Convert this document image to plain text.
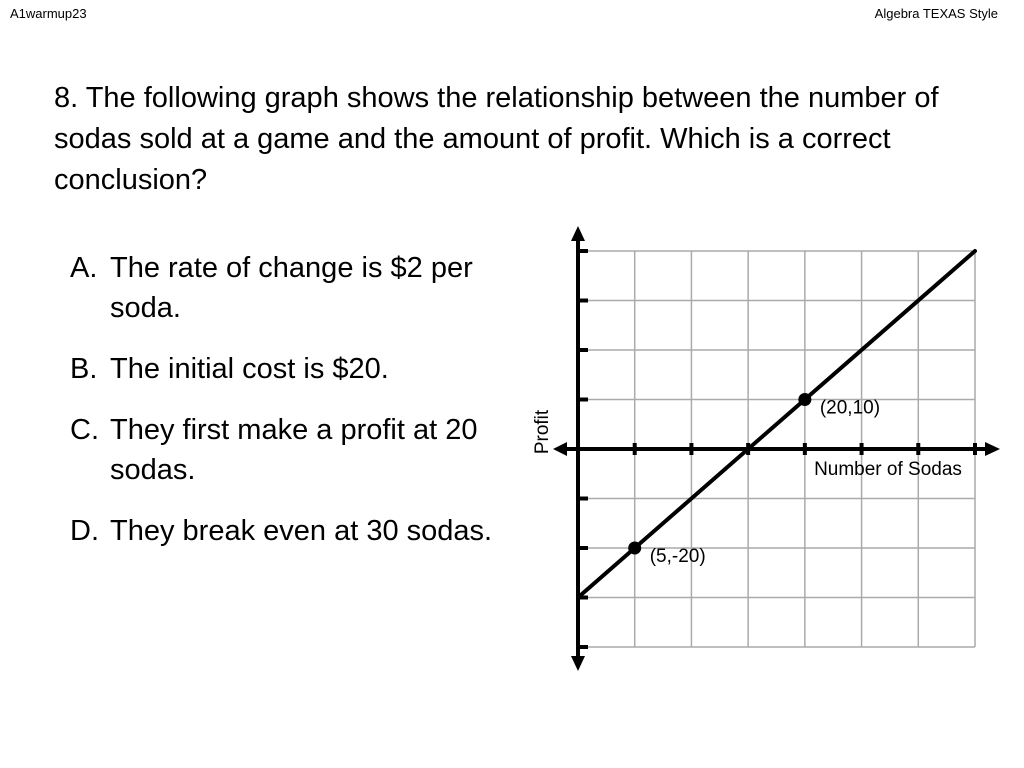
A1warmup23	Algebra TEXAS Style

8. The following graph shows the relationship between the number of sodas sold at a game and the amount of profit. Which is a correct conclusion?

A. The rate of change is $2 per soda.
B. The initial cost is $20.
C. They first make a profit at 20 sodas.
D. They break even at 30 sodas.
(5,-20)
(20,10)
Number of Sodas
Profit
